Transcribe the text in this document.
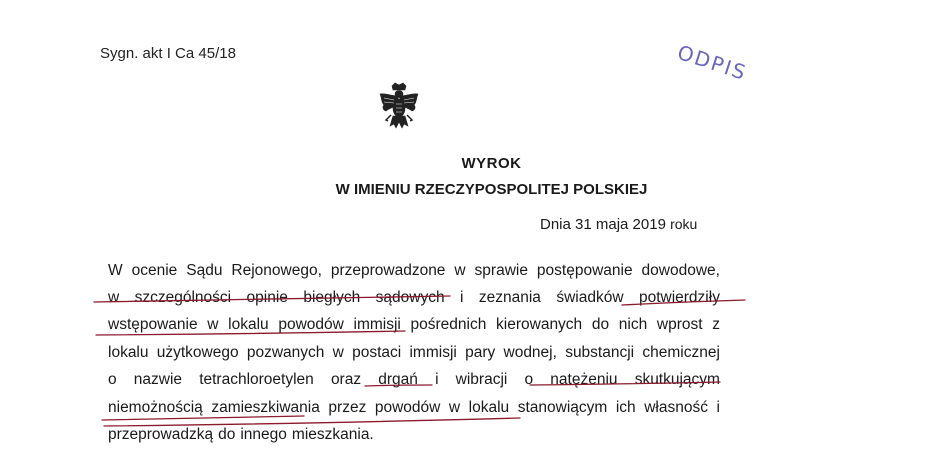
Sygn. akt I Ca 45/18	ODPIS
WYROK
W IMIENIU RZECZYPOSPOLITEJ POLSKIEJ
Dnia 31 maja 2019 roku
W ocenie Sądu Rejonowego, przeprowadzone w sprawie postępowanie dowodowe,
w szczególności opinie biegłych sądowych i zeznania świadków potwierdziły
wstępowanie w lokalu powodów immisji pośrednich kierowanych do nich wprost z
lokalu użytkowego pozwanych w postaci immisji pary wodnej, substancji chemicznej
o nazwie tetrachloroetylen oraz drgań i wibracji o natężeniu skutkującym
niemożnością zamieszkiwania przez powodów w lokalu stanowiącym ich własność i
przeprowadzką do innego mieszkania.
